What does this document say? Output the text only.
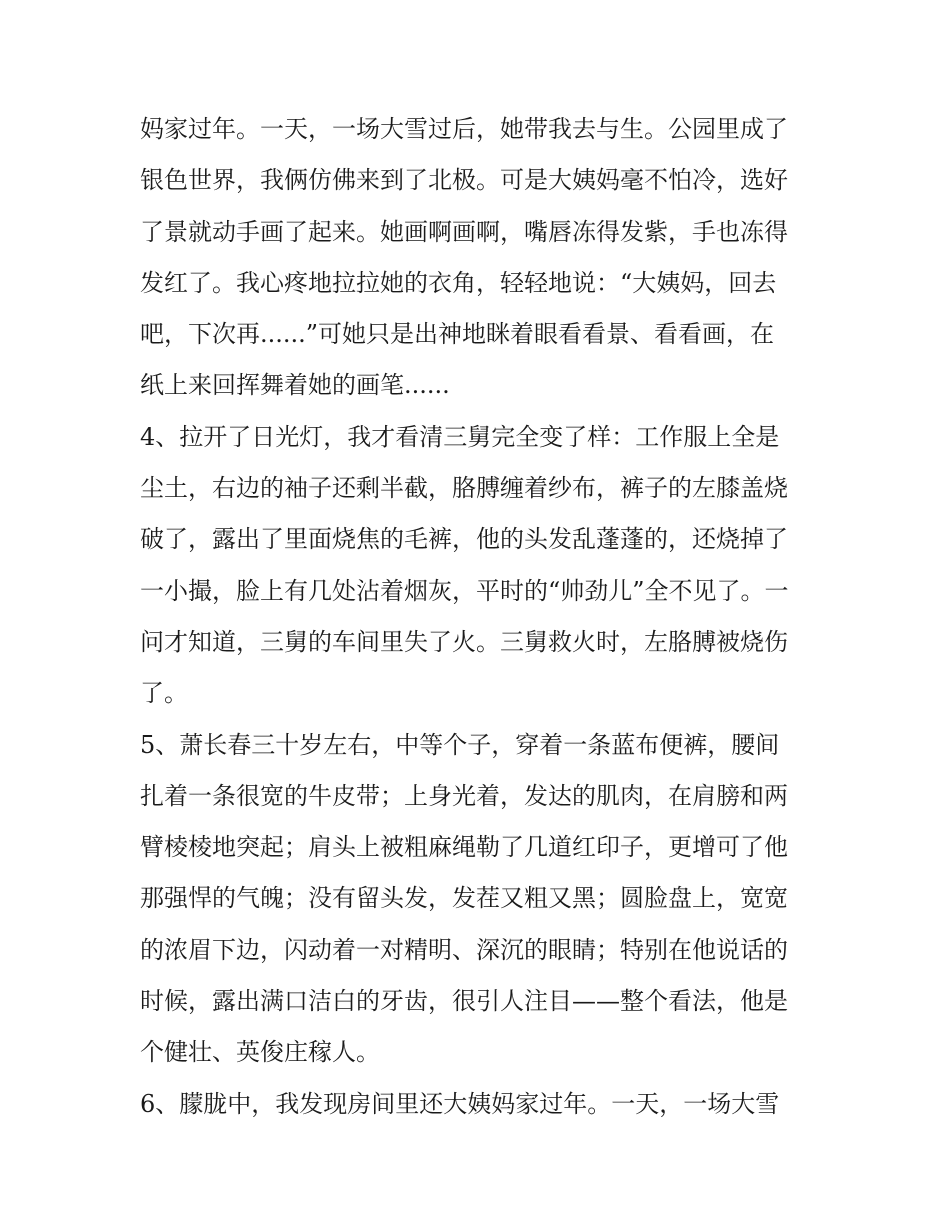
妈家过年。一天，一场大雪过后，她带我去与生。公园里成了
银色世界，我俩仿佛来到了北极。可是大姨妈毫不怕冷，选好
了景就动手画了起来。她画啊画啊，嘴唇冻得发紫，手也冻得
发红了。我心疼地拉拉她的衣角，轻轻地说：“大姨妈，回去
吧，下次再......”可她只是出神地眯着眼看看景、看看画，在
纸上来回挥舞着她的画笔......
4、拉开了日光灯，我才看清三舅完全变了样：工作服上全是
尘土，右边的袖子还剩半截，胳膊缠着纱布，裤子的左膝盖烧
破了，露出了里面烧焦的毛裤，他的头发乱蓬蓬的，还烧掉了
一小撮，脸上有几处沾着烟灰，平时的“帅劲儿”全不见了。一
问才知道，三舅的车间里失了火。三舅救火时，左胳膊被烧伤
了。
5、萧长春三十岁左右，中等个子，穿着一条蓝布便裤，腰间
扎着一条很宽的牛皮带；上身光着，发达的肌肉，在肩膀和两
臂棱棱地突起；肩头上被粗麻绳勒了几道红印子，更增可了他
那强悍的气魄；没有留头发，发茬又粗又黑；圆脸盘上，宽宽
的浓眉下边，闪动着一对精明、深沉的眼睛；特别在他说话的
时候，露出满口洁白的牙齿，很引人注目——整个看法，他是
个健壮、英俊庄稼人。
6、朦胧中，我发现房间里还大姨妈家过年。一天，一场大雪
